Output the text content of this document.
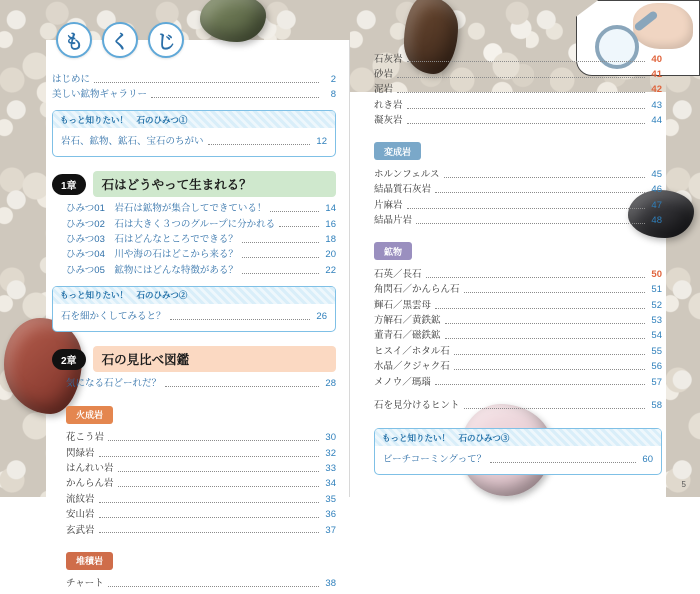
も	く	じ
はじめに	2
美しい鉱物ギャラリー	8
もっと知りたい！　石のひみつ①
岩石、鉱物、鉱石、宝石のちがい	12
1章	石はどうやって生まれる？
ひみつ01　岩石は鉱物が集合してできている！	14
ひみつ02　石は大きく３つのグループに分かれる	16
ひみつ03　石はどんなところでできる？	18
ひみつ04　川や海の石はどこから来る？	20
ひみつ05　鉱物にはどんな特徴がある？	22
もっと知りたい！　石のひみつ②
石を細かくしてみると？	26
2章	石の見比べ図鑑
気になる石どーれだ？	28
火成岩
花こう岩	30
閃緑岩	32
はんれい岩	33
かんらん岩	34
流紋岩	35
安山岩	36
玄武岩	37
堆積岩
チャート	38
石灰岩	40
砂岩	41
泥岩	42
れき岩	43
凝灰岩	44
変成岩
ホルンフェルス	45
結晶質石灰岩	46
片麻岩	47
結晶片岩	48
鉱物
石英／長石	50
角閃石／かんらん石	51
輝石／黒雲母	52
方解石／黄鉄鉱	53
董青石／磁鉄鉱	54
ヒスイ／ホタル石	55
水晶／クジャク石	56
メノウ／瑪瑙	57
石を見分けるヒント	58
もっと知りたい！　石のひみつ③
ビーチコーミングって？	60
5
